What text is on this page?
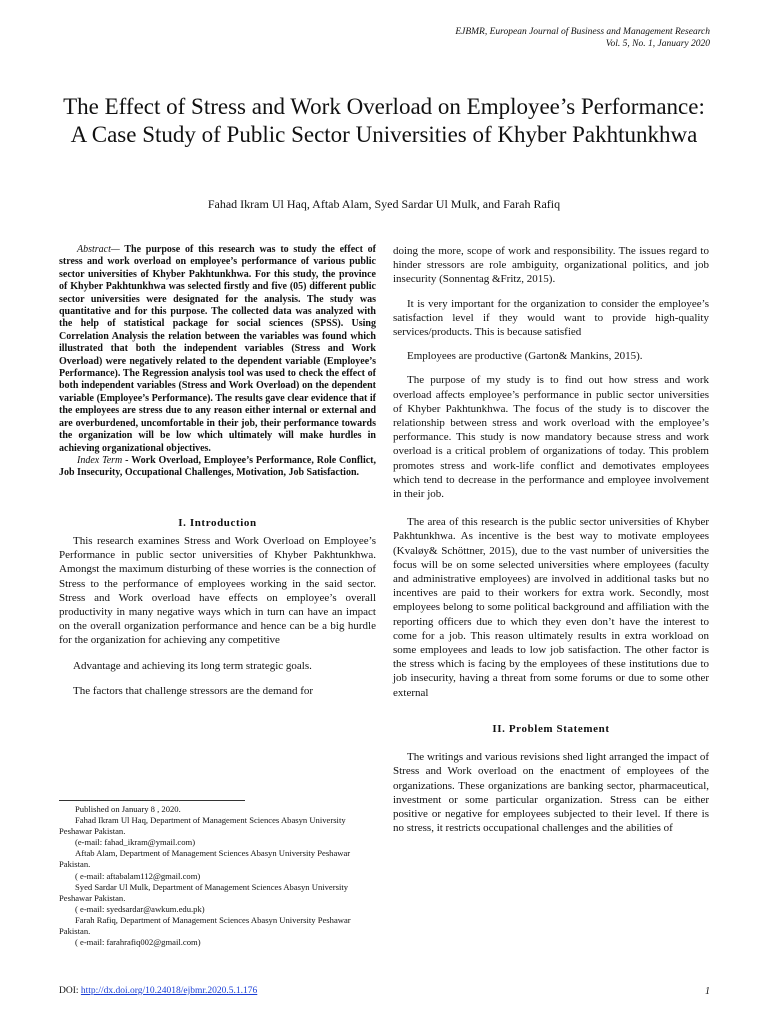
EJBMR, European Journal of Business and Management Research
Vol. 5, No. 1, January 2020
The Effect of Stress and Work Overload on Employee’s Performance: A Case Study of Public Sector Universities of Khyber Pakhtunkhwa
Fahad Ikram Ul Haq, Aftab Alam, Syed Sardar Ul Mulk, and Farah Rafiq

Abstract— The purpose of this research was to study the effect of stress and work overload on employee’s performance of various public sector universities of Khyber Pakhtunkhwa. For this study, the province of Khyber Pakhtunkhwa was selected firstly and five (05) different public sector universities were designated for the analysis. The study was quantitative and for this purpose. The collected data was analyzed with the help of statistical package for social sciences (SPSS). Using Correlation Analysis the relation between the variables was found which illustrated that both the independent variables (Stress and Work Overload) were negatively related to the dependent variable (Employee’s Performance). The Regression analysis tool was used to check the effect of both independent variables (Stress and Work Overload) on the dependent variable (Employee’s Performance). The results gave clear evidence that if the employees are stress due to any reason either internal or external and are overburdened, uncomfortable in their job, their performance towards the organization will be low which ultimately will make hurdles in achieving organizational objectives.

Index Term - Work Overload, Employee’s Performance, Role Conflict, Job Insecurity, Occupational Challenges, Motivation, Job Satisfaction.

I. Introduction

This research examines Stress and Work Overload on Employee’s Performance in public sector universities of Khyber Pakhtunkhwa. Amongst the maximum disturbing of these worries is the connection of Stress to the performance of employees working in the said sector. Stress and Work overload have effects on employee’s overall productivity in many negative ways which in turn can have an impact on the overall organization performance and hence can be a big hurdle for the organization for achieving any competitive

Advantage and achieving its long term strategic goals.

The factors that challenge stressors are the demand for

Published on January 8 , 2020.

Fahad Ikram Ul Haq, Department of Management Sciences Abasyn University Peshawar Pakistan.

(e-mail: fahad_ikram@ymail.com)

Aftab Alam, Department of Management Sciences Abasyn University Peshawar Pakistan.

( e-mail: aftabalam112@gmail.com)

Syed Sardar Ul Mulk, Department of Management Sciences Abasyn University Peshawar Pakistan.

( e-mail: syedsardar@awkum.edu.pk)

Farah Rafiq, Department of Management Sciences Abasyn University Peshawar Pakistan.

( e-mail: farahrafiq002@gmail.com)

doing the more, scope of work and responsibility. The issues regard to hinder stressors are role ambiguity, organizational politics, and job insecurity (Sonnentag &Fritz, 2015).

It is very important for the organization to consider the employee’s satisfaction level if they would want to provide high-quality services/products. This is because satisfied

Employees are productive (Garton& Mankins, 2015).

The purpose of my study is to find out how stress and work overload affects employee’s performance in public sector universities of Khyber Pakhtunkhwa. The focus of the study is to discover the relationship between stress and work overload with the employee’s performance. This study is now mandatory because stress and work overload is a critical problem of organizations of today. This problem promotes stress and work-life conflict and demotivates employees which tend to decrease in the performance and employee involvement in their job.

The area of this research is the public sector universities of Khyber Pakhtunkhwa. As incentive is the best way to motivate employees (Kvaløy& Schöttner, 2015), due to the vast number of universities the focus will be on some selected universities where employees (faculty and administrative employees) are involved in additional tasks but no incentives are paid to their workers for extra work. Secondly, most employees belong to some political background and affiliation with the reporting officers due to which they even don’t have the interest to come for a job. This reason ultimately results in extra workload on some employees and leads to low job satisfaction. The other factor is the stress which is facing by the employees of these institutions due to job insecurity, having a threat from some forums or due to some other external

II. Problem Statement

The writings and various revisions shed light arranged the impact of Stress and Work overload on the enactment of employees of the organizations. These organizations are banking sector, pharmaceutical, investment or some particular organization. Stress can be either positive or negative for employees subjected to their level. If there is no stress, it restricts occupational challenges and the abilities of

DOI: http://dx.doi.org/10.24018/ejbmr.2020.5.1.176	1
